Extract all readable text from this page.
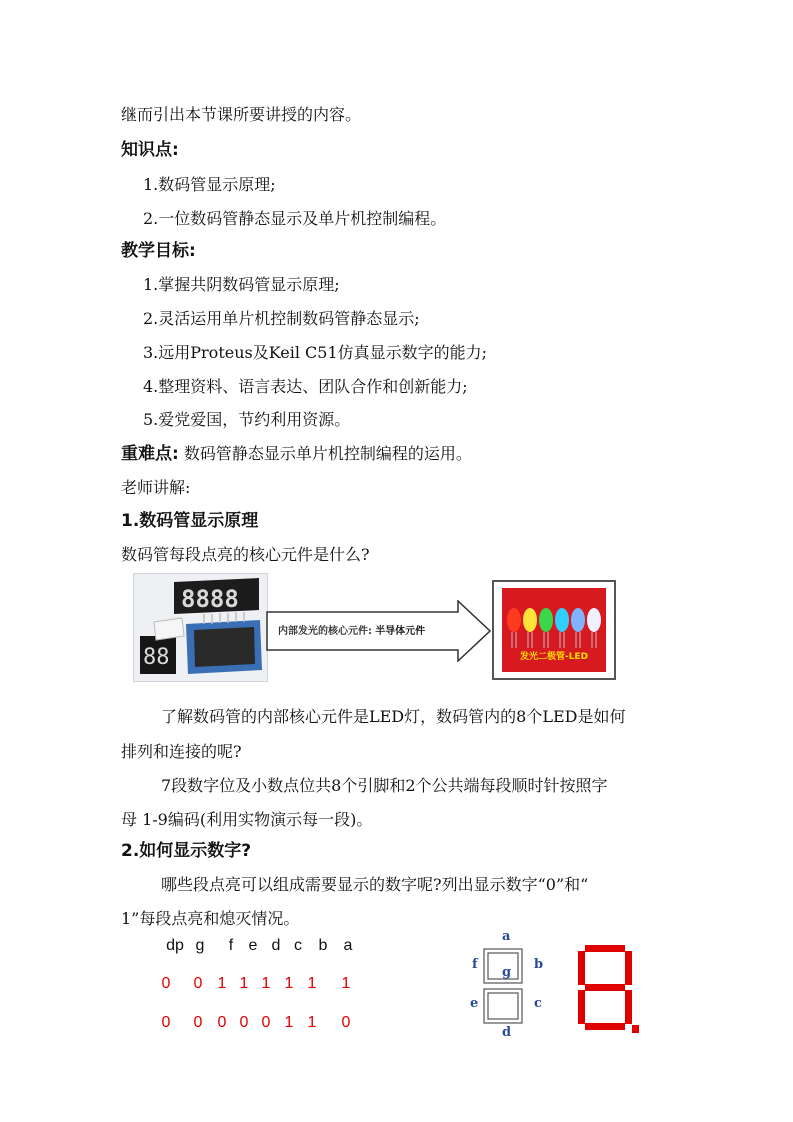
继而引出本节课所要讲授的内容。
知识点:
1.数码管显示原理;
2.一位数码管静态显示及单片机控制编程。
教学目标:
1.掌握共阴数码管显示原理;
2.灵活运用单片机控制数码管静态显示;
3.远用Proteus及Keil C51仿真显示数字的能力;
4.整理资料、语言表达、团队合作和创新能力;
5.爱党爱国，节约利用资源。
重难点: 数码管静态显示单片机控制编程的运用。
老师讲解:
1.数码管显示原理
数码管每段点亮的核心元件是什么?
8888
88
内部发光的核心元件: 半导体元件
发光二极管-LED
了解数码管的内部核心元件是LED灯，数码管内的8个LED是如何
排列和连接的呢?
7段数字位及小数点位共8个引脚和2个公共端每段顺时针按照字
母 1-9编码(利用实物演示每一段)。
2.如何显示数字?
哪些段点亮可以组成需要显示的数字呢?列出显示数字“0”和“
1”每段点亮和熄灭情况。
dp g	f e d c	b	a
0	0 1 1 1 1 1	1
0	0 0 0 0 1 1	0
a
b
c
d
e
f
g
